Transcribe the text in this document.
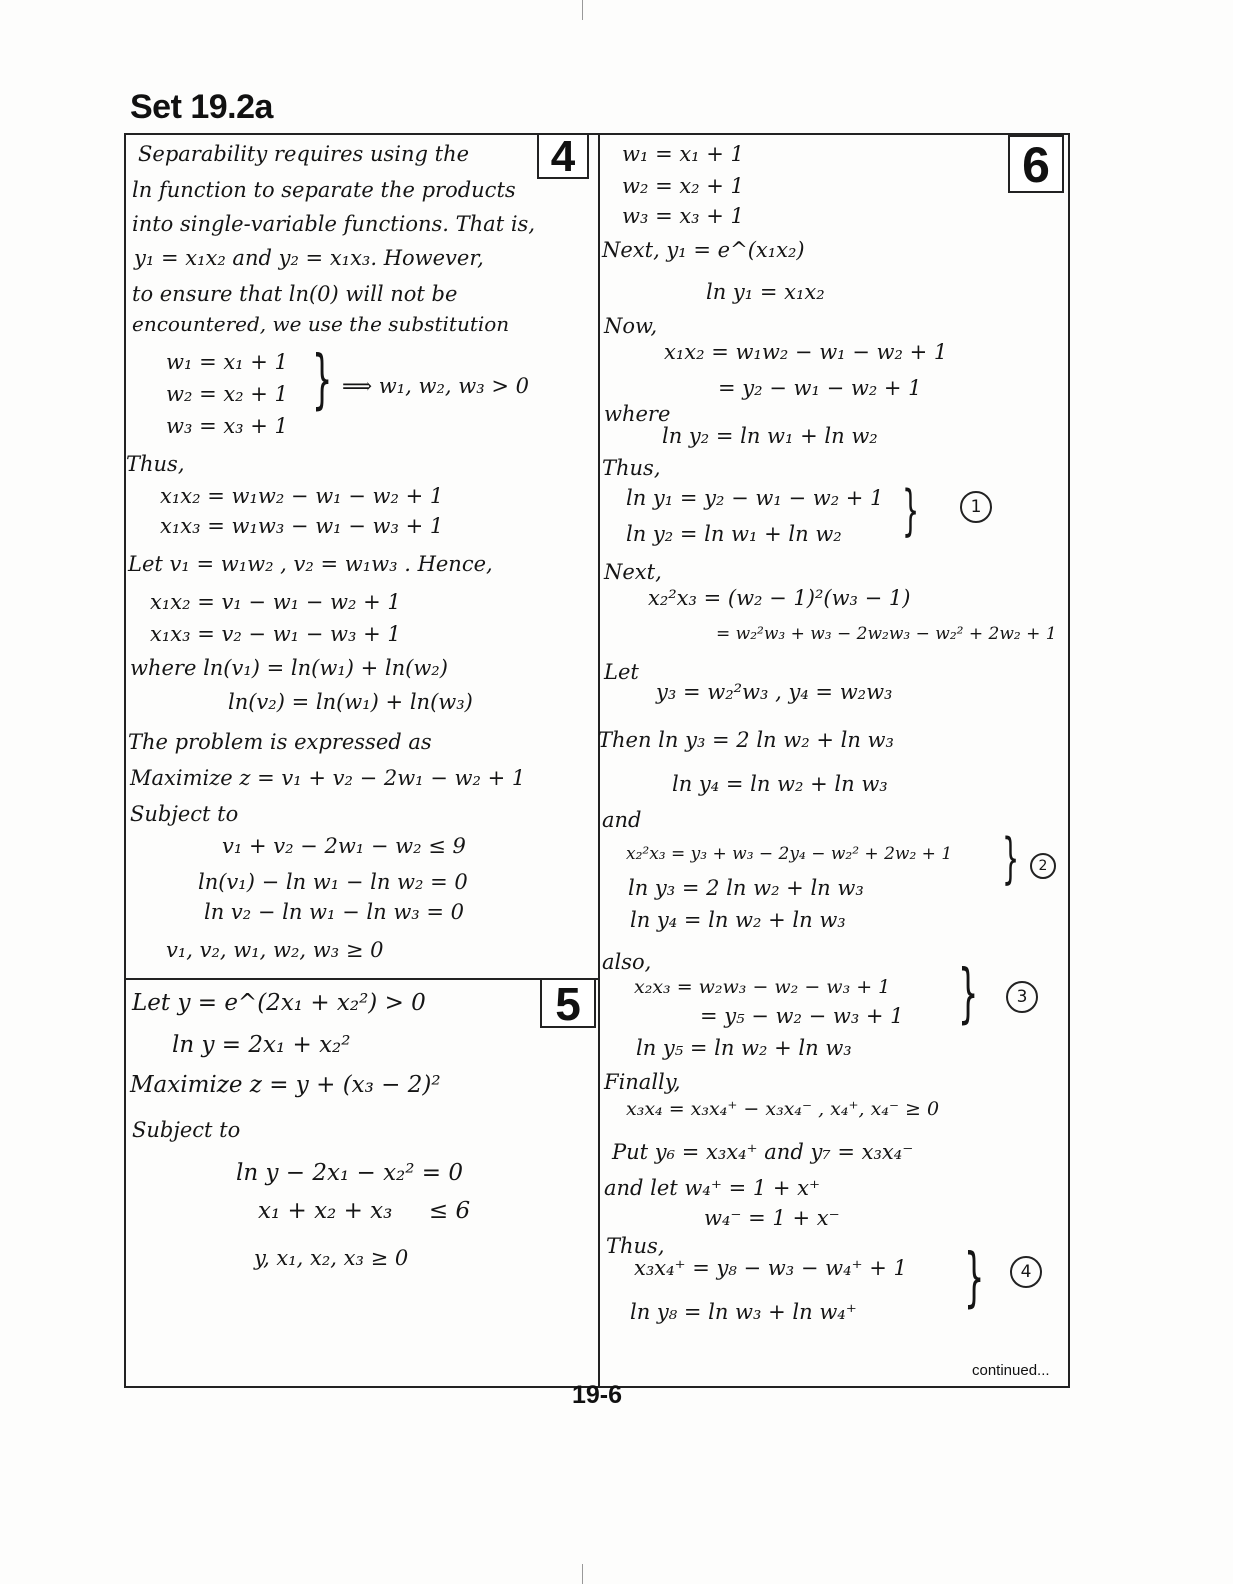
Set 19.2a
4
5
6
Separability requires using the
ln function to separate the products
into single-variable functions. That is,
y₁ = x₁x₂ and y₂ = x₁x₃. However,
to ensure that ln(0) will not be
encountered, we use the substitution
w₁ = x₁ + 1
w₂ = x₂ + 1
w₃ = x₃ + 1
} ⟹ w₁, w₂, w₃ > 0
Thus,
x₁x₂ = w₁w₂ − w₁ − w₂ + 1
x₁x₃ = w₁w₃ − w₁ − w₃ + 1
Let v₁ = w₁w₂ , v₂ = w₁w₃ . Hence,
x₁x₂ = v₁ − w₁ − w₂ + 1
x₁x₃ = v₂ − w₁ − w₃ + 1
where ln(v₁) = ln(w₁) + ln(w₂)
ln(v₂) = ln(w₁) + ln(w₃)
The problem is expressed as
Maximize z = v₁ + v₂ − 2w₁ − w₂ + 1
Subject to
v₁ + v₂ − 2w₁ − w₂ ≤ 9
ln(v₁) − ln w₁ − ln w₂ = 0
ln v₂ − ln w₁ − ln w₃ = 0
v₁, v₂, w₁, w₂, w₃ ≥ 0
Let y = e^(2x₁ + x₂²) > 0
ln y = 2x₁ + x₂²
Maximize z = y + (x₃ − 2)²
Subject to
ln y − 2x₁ − x₂² = 0
x₁ + x₂ + x₃     ≤ 6
y, x₁, x₂, x₃ ≥ 0
w₁ = x₁ + 1
w₂ = x₂ + 1
w₃ = x₃ + 1
Next, y₁ = e^(x₁x₂)
ln y₁ = x₁x₂
Now,
x₁x₂ = w₁w₂ − w₁ − w₂ + 1
= y₂ − w₁ − w₂ + 1
where
ln y₂ = ln w₁ + ln w₂
Thus,
ln y₁ = y₂ − w₁ − w₂ + 1
ln y₂ = ln w₁ + ln w₂ }	1
Next,
x₂²x₃ = (w₂ − 1)²(w₃ − 1)
= w₂²w₃ + w₃ − 2w₂w₃ − w₂² + 2w₂ + 1
Let
y₃ = w₂²w₃ , y₄ = w₂w₃
Then ln y₃ = 2 ln w₂ + ln w₃
ln y₄ = ln w₂ + ln w₃
and
x₂²x₃ = y₃ + w₃ − 2y₄ − w₂² + 2w₂ + 1
ln y₃ = 2 ln w₂ + ln w₃
ln y₄ = ln w₂ + ln w₃
}	2
also,
x₂x₃ = w₂w₃ − w₂ − w₃ + 1
= y₅ − w₂ − w₃ + 1
ln y₅ = ln w₂ + ln w₃
}	3
Finally,
x₃x₄ = x₃x₄⁺ − x₃x₄⁻ , x₄⁺, x₄⁻ ≥ 0
Put y₆ = x₃x₄⁺ and y₇ = x₃x₄⁻
and let w₄⁺ = 1 + x⁺
w₄⁻ = 1 + x⁻
Thus,
x₃x₄⁺ = y₈ − w₃ − w₄⁺ + 1
ln y₈ = ln w₃ + ln w₄⁺ }	4
continued...
19-6
